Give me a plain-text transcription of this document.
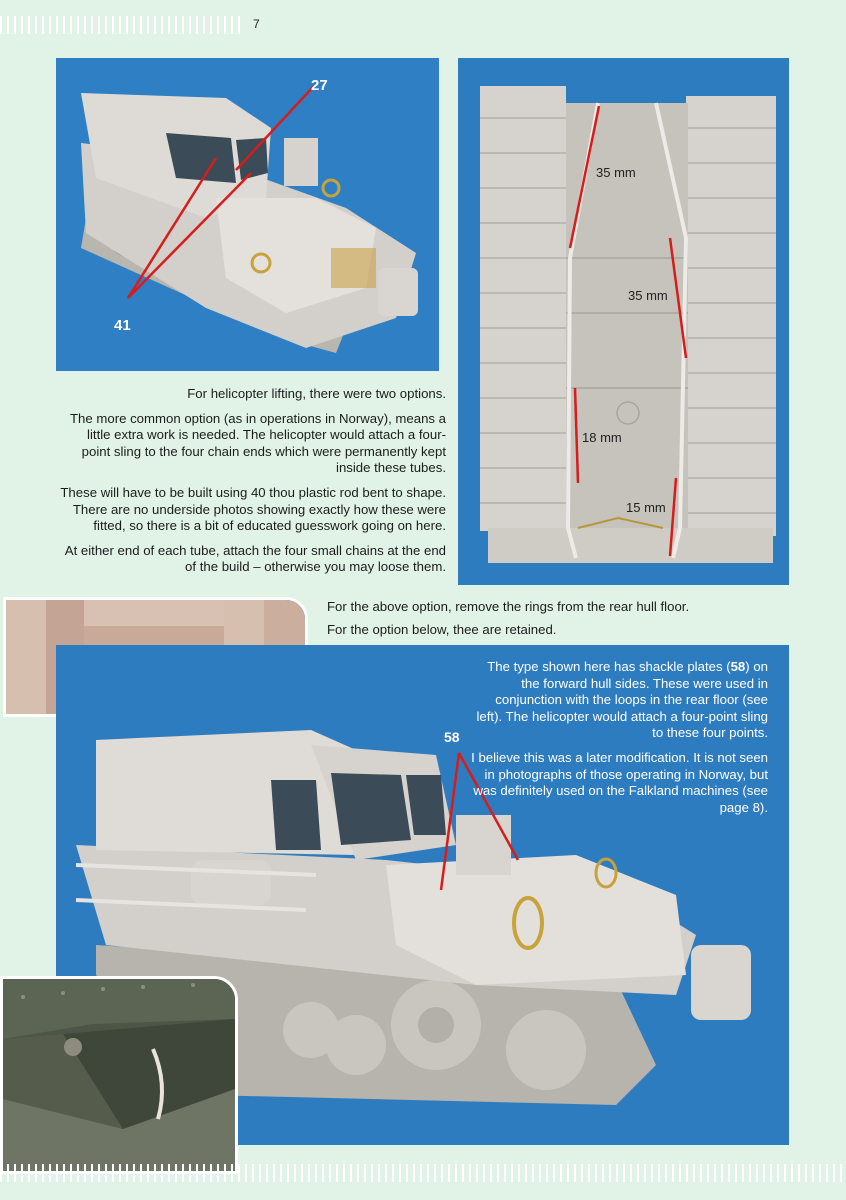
7
27
41
35 mm
35 mm
18 mm
15 mm

For helicopter lifting, there were two options.

The more common option (as in operations in Norway), means a little extra work is needed. The helicopter would attach a four-point sling to the four chain ends which were permanently kept inside these tubes.

These will have to be built using 40 thou plastic rod bent to shape. There are no underside photos showing exactly how these were fitted, so there is a bit of educated guesswork going on here.

At either end of each tube, attach the four small chains at the end of the build – otherwise you may loose them.

For the above option, remove the rings from the rear hull floor.

For the option below, thee are retained.

58

The type shown here has shackle plates (58) on the forward hull sides. These were used in conjunction with the loops in the rear floor (see left). The helicopter would attach a four-point sling to these four points.

I believe this was a later modification. It is not seen in photographs of those operating in Norway, but was definitely used on the Falkland machines (see page 8).
